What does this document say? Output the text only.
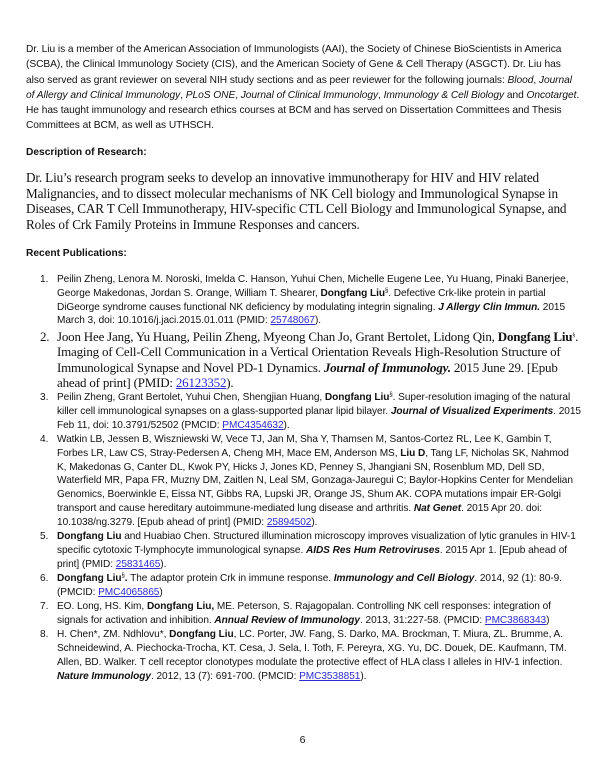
Dr. Liu is a member of the American Association of Immunologists (AAI), the Society of Chinese BioScientists in America (SCBA), the Clinical Immunology Society (CIS), and the American Society of Gene & Cell Therapy (ASGCT). Dr. Liu has also served as grant reviewer on several NIH study sections and as peer reviewer for the following journals: Blood, Journal of Allergy and Clinical Immunology, PLoS ONE, Journal of Clinical Immunology, Immunology & Cell Biology and Oncotarget. He has taught immunology and research ethics courses at BCM and has served on Dissertation Committees and Thesis Committees at BCM, as well as UTHSCH.

Description of Research:

Dr. Liu’s research program seeks to develop an innovative immunotherapy for HIV and HIV related Malignancies, and to dissect molecular mechanisms of NK Cell biology and Immunological Synapse in Diseases, CAR T Cell Immunotherapy, HIV-specific CTL Cell Biology and Immunological Synapse, and Roles of Crk Family Proteins in Immune Responses and cancers.

Recent Publications:
1. Peilin Zheng, Lenora M. Noroski, Imelda C. Hanson, Yuhui Chen, Michelle Eugene Lee, Yu Huang, Pinaki Banerjee, George Makedonas, Jordan S. Orange, William T. Shearer, Dongfang Liu§. Defective Crk-like protein in partial DiGeorge syndrome causes functional NK deficiency by modulating integrin signaling. J Allergy Clin Immun. 2015 March 3, doi: 10.1016/j.jaci.2015.01.011 (PMID: 25748067).
2. Joon Hee Jang, Yu Huang, Peilin Zheng, Myeong Chan Jo, Grant Bertolet, Lidong Qin, Dongfang Liu§. Imaging of Cell-Cell Communication in a Vertical Orientation Reveals High-Resolution Structure of Immunological Synapse and Novel PD-1 Dynamics. Journal of Immunology. 2015 June 29. [Epub ahead of print] (PMID: 26123352).
3. Peilin Zheng, Grant Bertolet, Yuhui Chen, Shengjian Huang, Dongfang Liu§. Super-resolution imaging of the natural killer cell immunological synapses on a glass-supported planar lipid bilayer. Journal of Visualized Experiments. 2015 Feb 11, doi: 10.3791/52502 (PMCID: PMC4354632).
4. Watkin LB, Jessen B, Wiszniewski W, Vece TJ, Jan M, Sha Y, Thamsen M, Santos-Cortez RL, Lee K, Gambin T, Forbes LR, Law CS, Stray-Pedersen A, Cheng MH, Mace EM, Anderson MS, Liu D, Tang LF, Nicholas SK, Nahmod K, Makedonas G, Canter DL, Kwok PY, Hicks J, Jones KD, Penney S, Jhangiani SN, Rosenblum MD, Dell SD, Waterfield MR, Papa FR, Muzny DM, Zaitlen N, Leal SM, Gonzaga-Jauregui C; Baylor-Hopkins Center for Mendelian Genomics, Boerwinkle E, Eissa NT, Gibbs RA, Lupski JR, Orange JS, Shum AK. COPA mutations impair ER-Golgi transport and cause hereditary autoimmune-mediated lung disease and arthritis. Nat Genet. 2015 Apr 20. doi: 10.1038/ng.3279. [Epub ahead of print] (PMID: 25894502).
5. Dongfang Liu and Huabiao Chen. Structured illumination microscopy improves visualization of lytic granules in HIV-1 specific cytotoxic T-lymphocyte immunological synapse. AIDS Res Hum Retroviruses. 2015 Apr 1. [Epub ahead of print] (PMID: 25831465).
6. Dongfang Liu§. The adaptor protein Crk in immune response. Immunology and Cell Biology. 2014, 92 (1): 80-9. (PMCID: PMC4065865)
7. EO. Long, HS. Kim, Dongfang Liu, ME. Peterson, S. Rajagopalan. Controlling NK cell responses: integration of signals for activation and inhibition. Annual Review of Immunology. 2013, 31:227-58. (PMCID: PMC3868343)
8. H. Chen*, ZM. Ndhlovu*, Dongfang Liu, LC. Porter, JW. Fang, S. Darko, MA. Brockman, T. Miura, ZL. Brumme, A. Schneidewind, A. Piechocka-Trocha, KT. Cesa, J. Sela, I. Toth, F. Pereyra, XG. Yu, DC. Douek, DE. Kaufmann, TM. Allen, BD. Walker. T cell receptor clonotypes modulate the protective effect of HLA class I alleles in HIV-1 infection. Nature Immunology. 2012, 13 (7): 691-700. (PMCID: PMC3538851).
6
